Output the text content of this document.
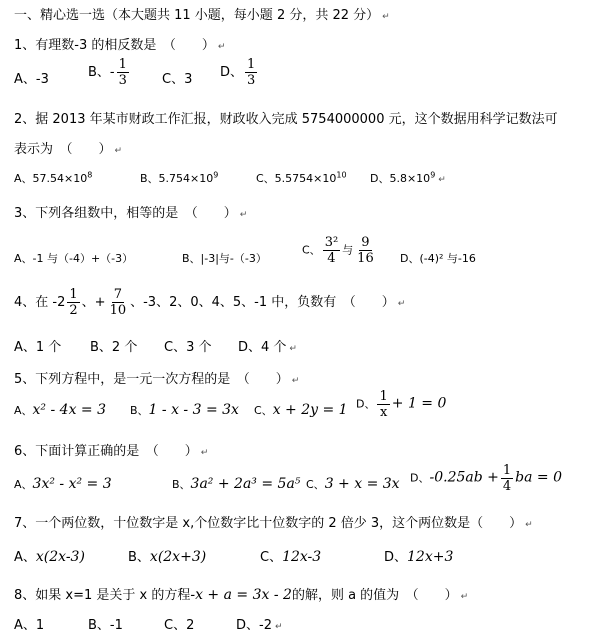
一、精心选一选（本大题共 11 小题，每小题 2 分，共 22 分） ↵
1、有理数-3 的相反数是　（　　） ↵
A、-3	B、- $\frac{1}{3}$	C、3 D、 $\frac{1}{3}$
2、据 2013 年某市财政工作汇报，财政收入完成 5754000000 元，这个数据用科学记数法可
表示为　（　　） ↵
A、$57.54\times 10^8$	B、$5.754\times 10^9$	C、$5.5754\times 10^{10}$ D、$5.8\times 10^9↵$
3、下列各组数中，相等的是　（　　） ↵
A、-1 与（-4）+（-3）	B、|-3|与-（-3）
C、 $\frac{\text{3²}}{4}$ 与 $\frac{9}{16}$ D、(-4)² 与-16
4、在 $-2 \frac{1}{2}$ 、+ $\frac{7}{10}$ 、-3、2、0、4、5、-1 中，负数有　（　　） ↵
A、1 个 B、2 个 C、3 个 D、4 个 ↵
5、下列方程中，是一元一次方程的是　（　　） ↵
A、x² - 4x = 3 B、1 - x - 3 = 3x C、x + 2y = 1 D、 $\frac{1}{x} + 1 = 0$
6、下面计算正确的是　（　　） ↵
A、3x² - x² = 3	B、3a² + 2a³ = 5a⁵ C、3 + x = 3x D、$-0.25ab + \frac{1}{4}$ ba = 0
7、一个两位数，十位数字是 x,个位数字比十位数字的 2 倍少 3，这个两位数是（　　） ↵
A、x(2x-3)	B、x(2x+3)	C、12x-3	D、12x+3
8、如果 x=1 是关于 x 的方程-x + a = 3x - 2的解，则 a 的值为　（　　） ↵
A、1	B、-1	C、2	D、-2 ↵
